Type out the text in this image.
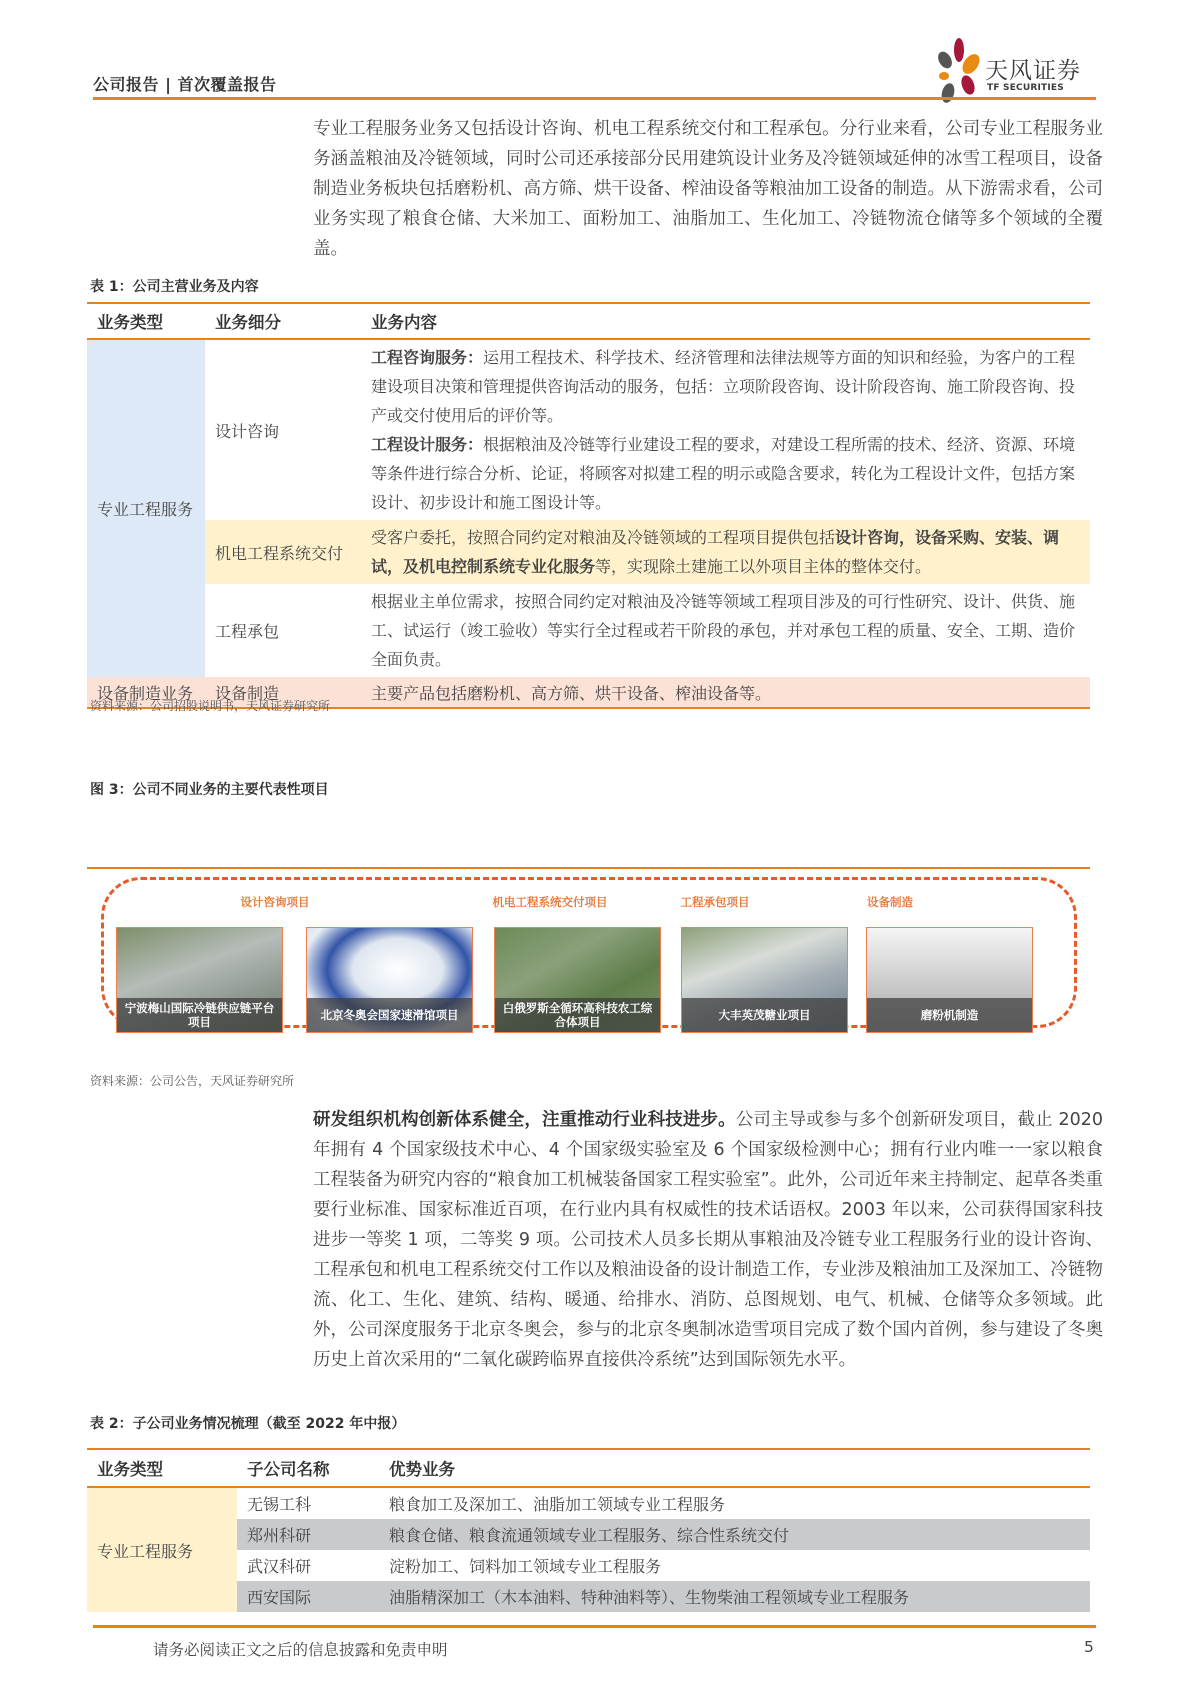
公司报告 | 首次覆盖报告
天风证券
TF SECURITIES
专业工程服务业务又包括设计咨询、机电工程系统交付和工程承包。分行业来看，公司专业工程服务业务涵盖粮油及冷链领域，同时公司还承接部分民用建筑设计业务及冷链领域延伸的冰雪工程项目，设备制造业务板块包括磨粉机、高方筛、烘干设备、榨油设备等粮油加工设备的制造。从下游需求看，公司业务实现了粮食仓储、大米加工、面粉加工、油脂加工、生化加工、冷链物流仓储等多个领域的全覆盖。
表 1：公司主营业务及内容
业务类型	业务细分	业务内容
专业工程服务	设计咨询	工程咨询服务：运用工程技术、科学技术、经济管理和法律法规等方面的知识和经验，为客户的工程建设项目决策和管理提供咨询活动的服务，包括：立项阶段咨询、设计阶段咨询、施工阶段咨询、投产或交付使用后的评价等。
工程设计服务：根据粮油及冷链等行业建设工程的要求，对建设工程所需的技术、经济、资源、环境等条件进行综合分析、论证，将顾客对拟建工程的明示或隐含要求，转化为工程设计文件，包括方案设计、初步设计和施工图设计等。
	机电工程系统交付	受客户委托，按照合同约定对粮油及冷链领域的工程项目提供包括设计咨询，设备采购、安装、调试，及机电控制系统专业化服务等，实现除土建施工以外项目主体的整体交付。
	工程承包	根据业主单位需求，按照合同约定对粮油及冷链等领域工程项目涉及的可行性研究、设计、供货、施工、试运行（竣工验收）等实行全过程或若干阶段的承包，并对承包工程的质量、安全、工期、造价全面负责。
设备制造业务	设备制造	主要产品包括磨粉机、高方筛、烘干设备、榨油设备等。
资料来源：公司招股说明书，天风证券研究所
图 3：公司不同业务的主要代表性项目
设计咨询项目	机电工程系统交付项目	工程承包项目	设备制造
宁波梅山国际冷链供应链平台项目	北京冬奥会国家速滑馆项目	白俄罗斯全循环高科技农工综合体项目	大丰英茂糖业项目	磨粉机制造
资料来源：公司公告，天风证券研究所
研发组织机构创新体系健全，注重推动行业科技进步。公司主导或参与多个创新研发项目，截止 2020 年拥有 4 个国家级技术中心、4 个国家级实验室及 6 个国家级检测中心；拥有行业内唯一一家以粮食工程装备为研究内容的“粮食加工机械装备国家工程实验室”。此外，公司近年来主持制定、起草各类重要行业标准、国家标准近百项，在行业内具有权威性的技术话语权。2003 年以来，公司获得国家科技进步一等奖 1 项，二等奖 9 项。公司技术人员多长期从事粮油及冷链专业工程服务行业的设计咨询、工程承包和机电工程系统交付工作以及粮油设备的设计制造工作，专业涉及粮油加工及深加工、冷链物流、化工、生化、建筑、结构、暖通、给排水、消防、总图规划、电气、机械、仓储等众多领域。此外，公司深度服务于北京冬奥会，参与的北京冬奥制冰造雪项目完成了数个国内首例，参与建设了冬奥历史上首次采用的“二氧化碳跨临界直接供冷系统”达到国际领先水平。
表 2：子公司业务情况梳理（截至 2022 年中报）
业务类型	子公司名称	优势业务
专业工程服务	无锡工科	粮食加工及深加工、油脂加工领域专业工程服务
	郑州科研	粮食仓储、粮食流通领域专业工程服务、综合性系统交付
	武汉科研	淀粉加工、饲料加工领域专业工程服务
	西安国际	油脂精深加工（木本油料、特种油料等）、生物柴油工程领域专业工程服务
请务必阅读正文之后的信息披露和免责申明	5
